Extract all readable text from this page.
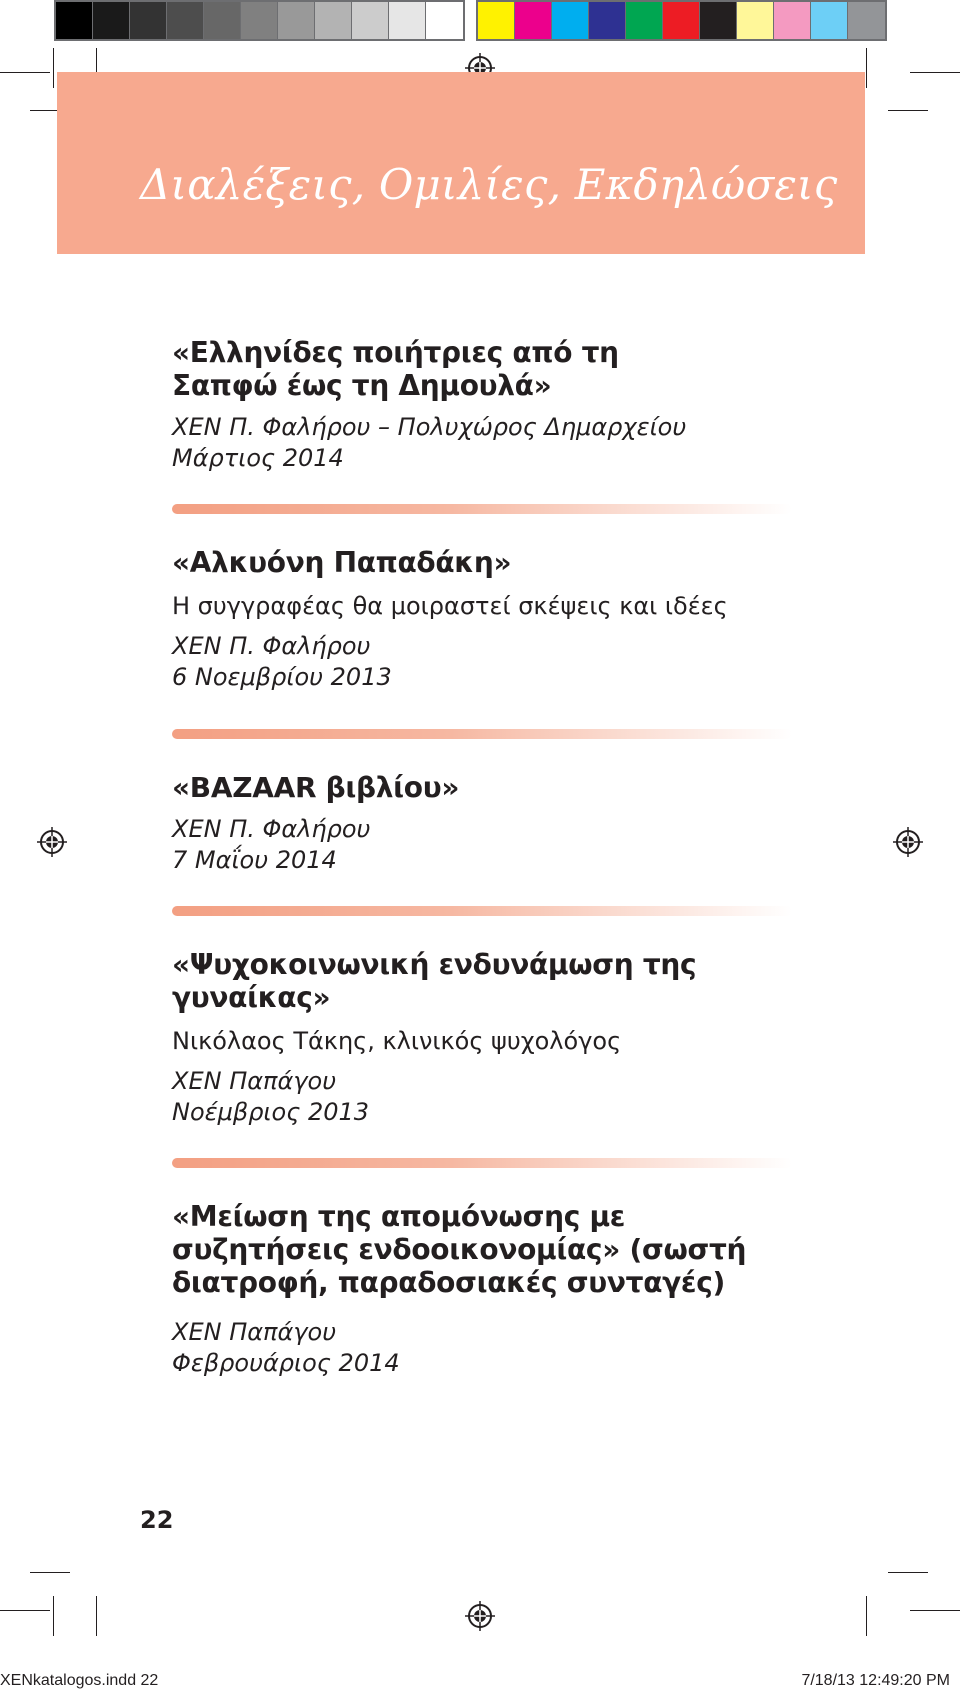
Διαλέξεις, Ομιλίες, Εκδηλώσεις
«Ελληνίδες ποιήτριες από τη Σαπφώ έως τη Δημουλά»
ΧΕΝ Π. Φαλήρου – Πολυχώρος Δημαρχείου
Μάρτιος 2014
«Αλκυόνη Παπαδάκη»
Η συγγραφέας θα μοιραστεί σκέψεις και ιδέες
ΧΕΝ Π. Φαλήρου
6 Νοεμβρίου 2013
«BAZAAR βιβλίου»
ΧΕΝ Π. Φαλήρου
7 Μαΐου 2014
«Ψυχοκοινωνική ενδυνάμωση της γυναίκας»
Νικόλαος Τάκης, κλινικός ψυχολόγος
ΧΕΝ Παπάγου
Νοέμβριος 2013
«Μείωση της απομόνωσης με συζητήσεις ενδοοικονομίας» (σωστή διατροφή, παραδοσιακές συνταγές)
ΧΕΝ Παπάγου
Φεβρουάριος 2014
22
XENkatalogos.indd 22	7/18/13 12:49:20 PM
